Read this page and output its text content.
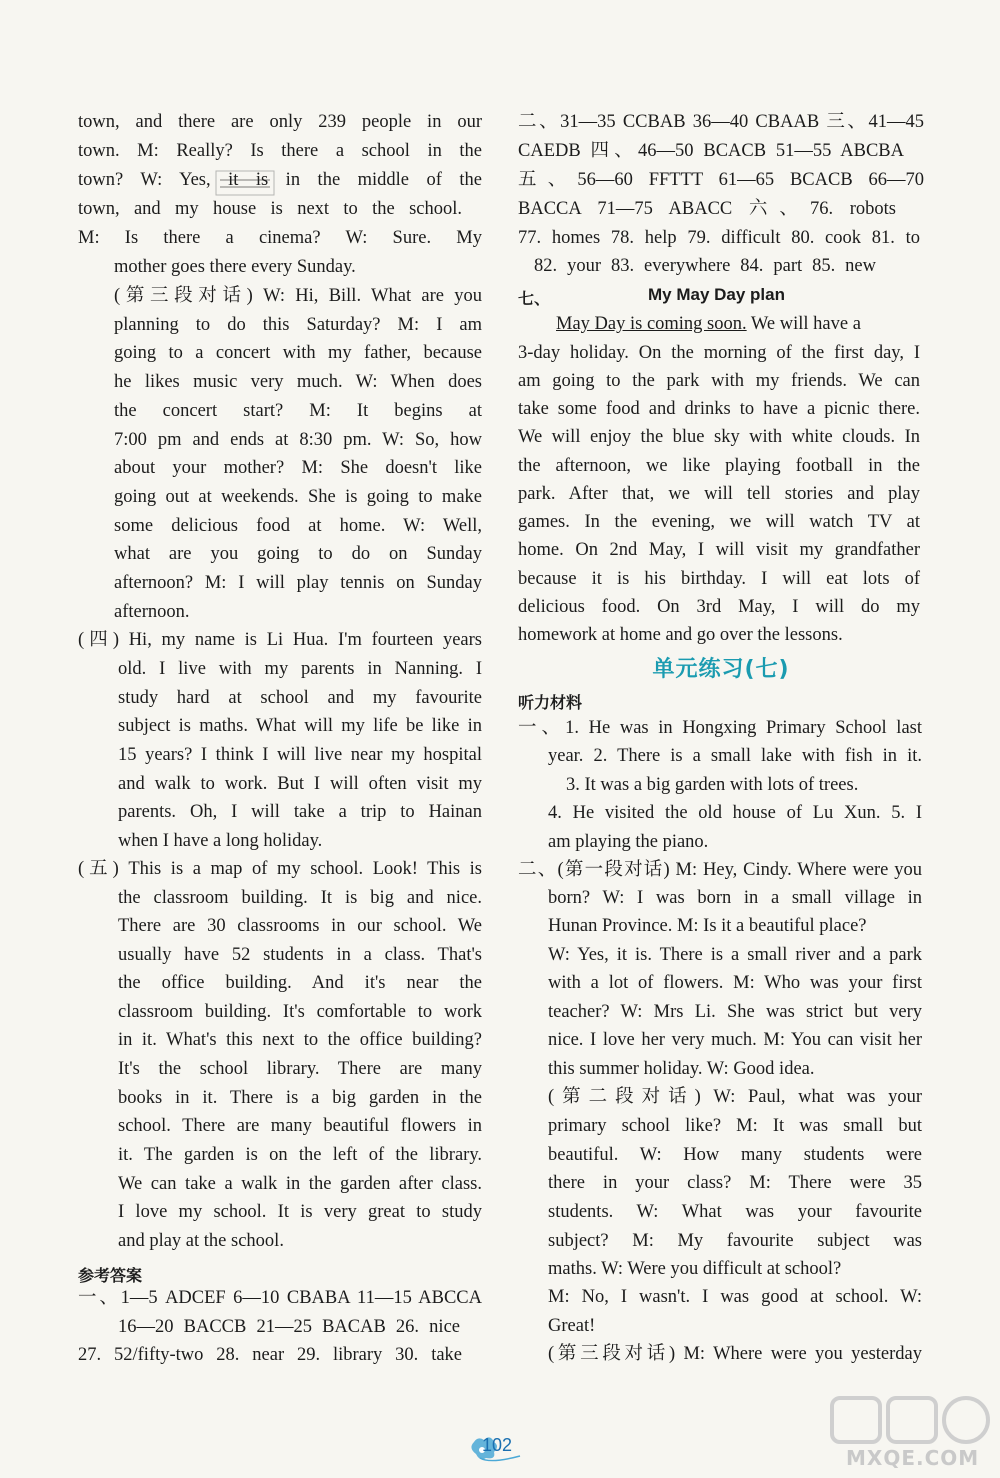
town, and there are only 239 people in our
town. M: Really? Is there a school in the
town? W: Yes, it is in the middle of the
town, and my house is next to the school.
M: Is there a cinema? W: Sure. My
mother goes there every Sunday.
(第三段对话) W: Hi, Bill. What are you
planning to do this Saturday? M: I am
going to a concert with my father, because
he likes music very much. W: When does
the concert start? M: It begins at
7:00 pm and ends at 8:30 pm. W: So, how
about your mother? M: She doesn't like
going out at weekends. She is going to make
some delicious food at home. W: Well,
what are you going to do on Sunday
afternoon? M: I will play tennis on Sunday
afternoon.
(四) Hi, my name is Li Hua. I'm fourteen years
old. I live with my parents in Nanning. I
study hard at school and my favourite
subject is maths. What will my life be like in
15 years? I think I will live near my hospital
and walk to work. But I will often visit my
parents. Oh, I will take a trip to Hainan
when I have a long holiday.
(五) This is a map of my school. Look! This is
the classroom building. It is big and nice.
There are 30 classrooms in our school. We
usually have 52 students in a class. That's
the office building. And it's near the
classroom building. It's comfortable to work
in it. What's this next to the office building?
It's the school library. There are many
books in it. There is a big garden in the
school. There are many beautiful flowers in
it. The garden is on the left of the library.
We can take a walk in the garden after class.
I love my school. It is very great to study
and play at the school.
参考答案
一、1—5 ADCEF 6—10 CBABA 11—15 ABCCA
16—20 BACCB 21—25 BACAB 26. nice
27. 52/fifty-two 28. near 29. library 30. take
二、31—35 CCBAB 36—40 CBAAB 三、41—45
CAEDB 四、46—50 BCACB 51—55 ABCBA
五、56—60 FFTTT 61—65 BCACB 66—70
BACCA 71—75 ABACC 六、76. robots
77. homes 78. help 79. difficult 80. cook 81. to
82. your 83. everywhere 84. part 85. new
七、	My May Day plan
May Day is coming soon. We will have a
3-day holiday. On the morning of the first day, I
am going to the park with my friends. We can
take some food and drinks to have a picnic there.
We will enjoy the blue sky with white clouds. In
the afternoon, we like playing football in the
park. After that, we will tell stories and play
games. In the evening, we will watch TV at
home. On 2nd May, I will visit my grandfather
because it is his birthday. I will eat lots of
delicious food. On 3rd May, I will do my
homework at home and go over the lessons.
单元练习(七)
听力材料
一、1. He was in Hongxing Primary School last
year. 2. There is a small lake with fish in it.
3. It was a big garden with lots of trees.
4. He visited the old house of Lu Xun. 5. I
am playing the piano.
二、(第一段对话) M: Hey, Cindy. Where were you
born? W: I was born in a small village in
Hunan Province. M: Is it a beautiful place?
W: Yes, it is. There is a small river and a park
with a lot of flowers. M: Who was your first
teacher? W: Mrs Li. She was strict but very
nice. I love her very much. M: You can visit her
this summer holiday. W: Good idea.
(第二段对话) W: Paul, what was your
primary school like? M: It was small but
beautiful. W: How many students were
there in your class? M: There were 35
students. W: What was your favourite
subject? M: My favourite subject was
maths. W: Were you difficult at school?
M: No, I wasn't. I was good at school. W:
Great!
(第三段对话) M: Where were you yesterday
102
MXQE.COM
